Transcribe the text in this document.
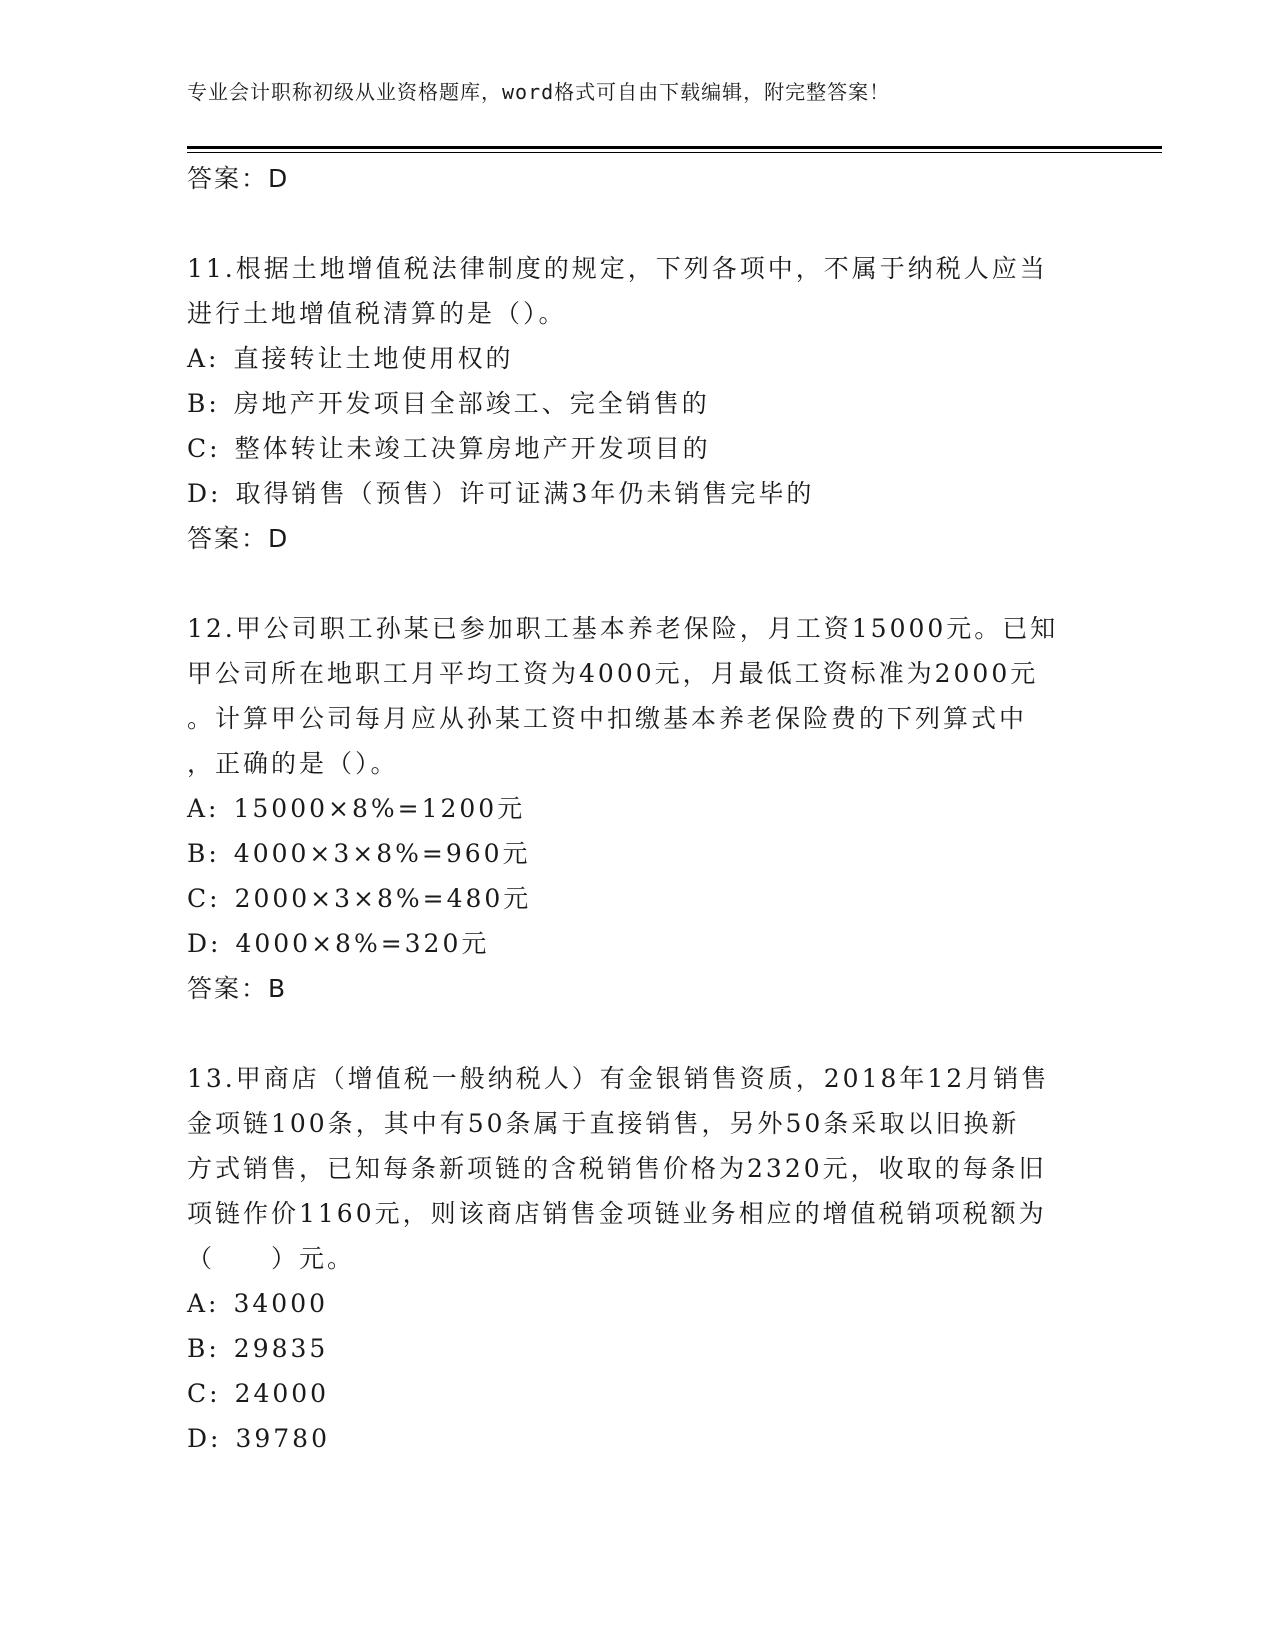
专业会计职称初级从业资格题库，word格式可自由下载编辑，附完整答案！
答案：D
11.根据土地增值税法律制度的规定，下列各项中，不属于纳税人应当
进行土地增值税清算的是（）。
A: 直接转让土地使用权的
B: 房地产开发项目全部竣工、完全销售的
C: 整体转让未竣工决算房地产开发项目的
D: 取得销售（预售）许可证满3年仍未销售完毕的
答案：D
12.甲公司职工孙某已参加职工基本养老保险，月工资15000元。已知
甲公司所在地职工月平均工资为4000元，月最低工资标准为2000元
。计算甲公司每月应从孙某工资中扣缴基本养老保险费的下列算式中
，正确的是（）。
A: 15000×8%=1200元
B: 4000×3×8%=960元
C: 2000×3×8%=480元
D: 4000×8%=320元
答案：B
13.甲商店（增值税一般纳税人）有金银销售资质，2018年12月销售
金项链100条，其中有50条属于直接销售，另外50条采取以旧换新
方式销售，已知每条新项链的含税销售价格为2320元，收取的每条旧
项链作价1160元，则该商店销售金项链业务相应的增值税销项税额为
（　　）元。
A: 34000
B: 29835
C: 24000
D: 39780
